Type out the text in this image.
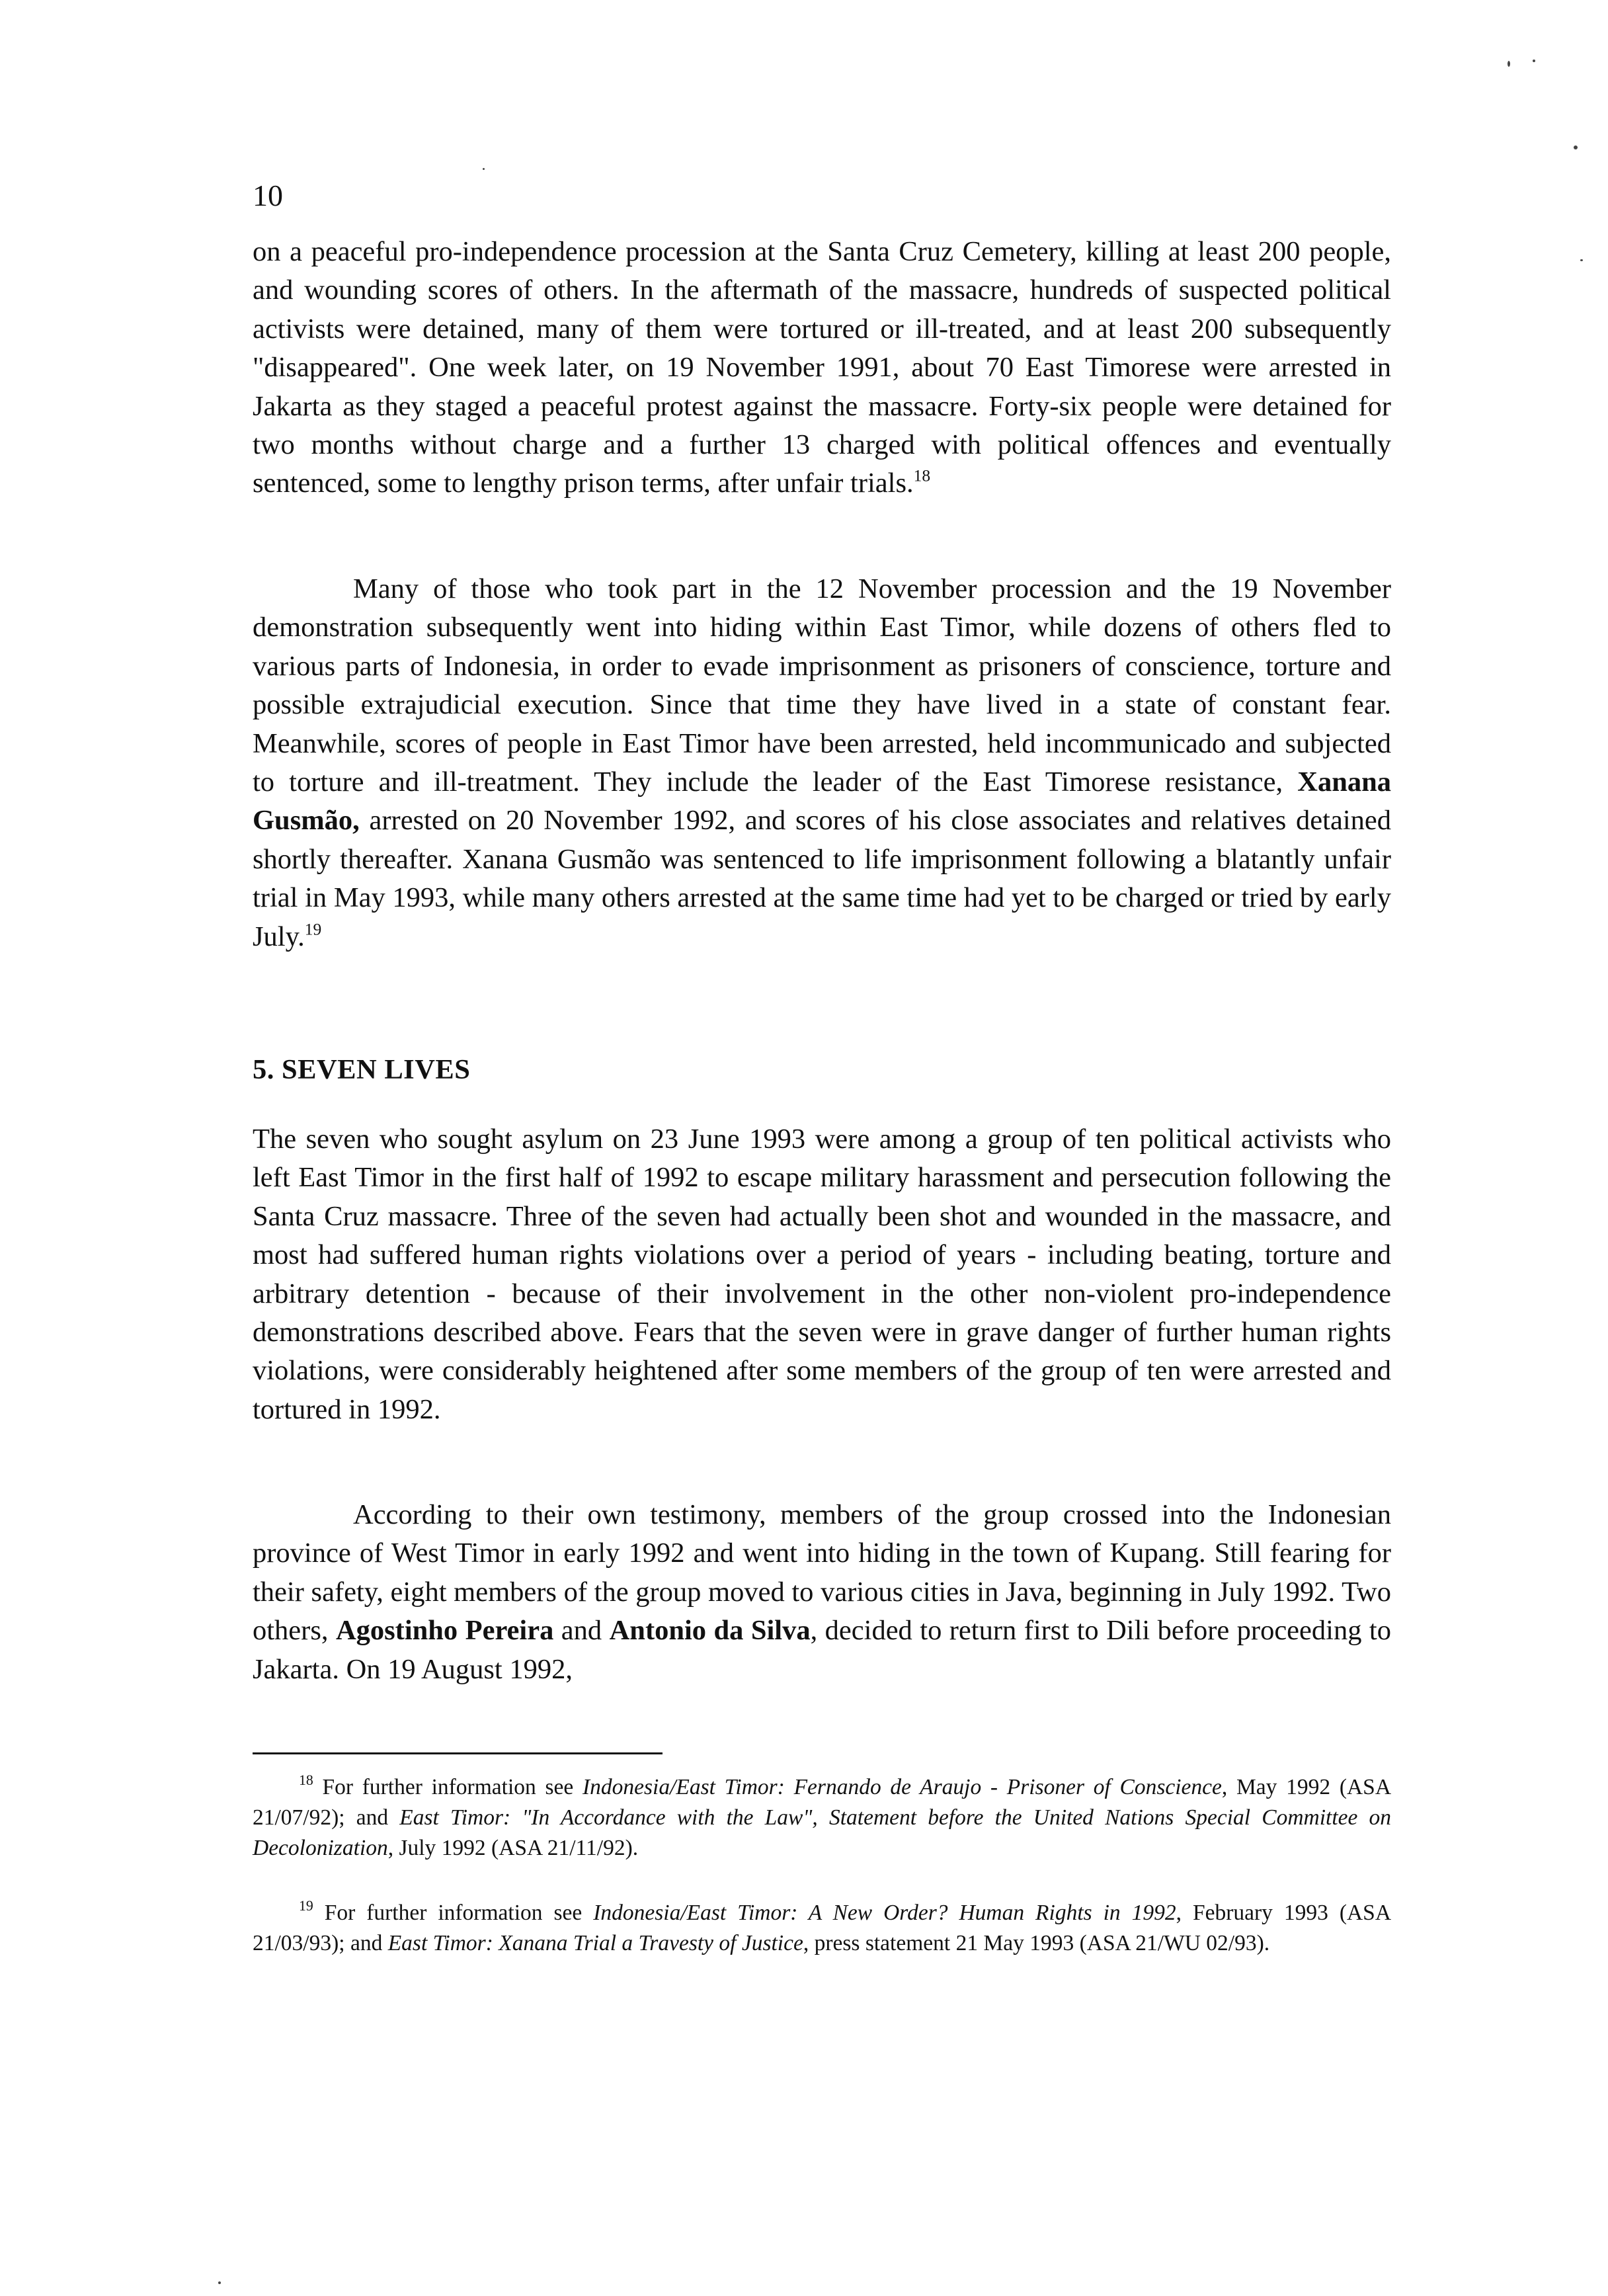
10

on a peaceful pro-independence procession at the Santa Cruz Cemetery, killing at least 200 people, and wounding scores of others. In the aftermath of the massacre, hundreds of suspected political activists were detained, many of them were tortured or ill-treated, and at least 200 subsequently "disappeared". One week later, on 19 November 1991, about 70 East Timorese were arrested in Jakarta as they staged a peaceful protest against the massacre. Forty-six people were detained for two months without charge and a further 13 charged with political offences and eventually sentenced, some to lengthy prison terms, after unfair trials.$^{18}$

Many of those who took part in the 12 November procession and the 19 November demonstration subsequently went into hiding within East Timor, while dozens of others fled to various parts of Indonesia, in order to evade imprisonment as prisoners of conscience, torture and possible extrajudicial execution. Since that time they have lived in a state of constant fear. Meanwhile, scores of people in East Timor have been arrested, held incommunicado and subjected to torture and ill-treatment. They include the leader of the East Timorese resistance, Xanana Gusmão, arrested on 20 November 1992, and scores of his close associates and relatives detained shortly thereafter. Xanana Gusmão was sentenced to life imprisonment following a blatantly unfair trial in May 1993, while many others arrested at the same time had yet to be charged or tried by early July.$^{19}$

5. SEVEN LIVES

The seven who sought asylum on 23 June 1993 were among a group of ten political activists who left East Timor in the first half of 1992 to escape military harassment and persecution following the Santa Cruz massacre. Three of the seven had actually been shot and wounded in the massacre, and most had suffered human rights violations over a period of years - including beating, torture and arbitrary detention - because of their involvement in the other non-violent pro-independence demonstrations described above. Fears that the seven were in grave danger of further human rights violations, were considerably heightened after some members of the group of ten were arrested and tortured in 1992.

According to their own testimony, members of the group crossed into the Indonesian province of West Timor in early 1992 and went into hiding in the town of Kupang. Still fearing for their safety, eight members of the group moved to various cities in Java, beginning in July 1992. Two others, Agostinho Pereira and Antonio da Silva, decided to return first to Dili before proceeding to Jakarta. On 19 August 1992,

$^{18}$ For further information see Indonesia/East Timor: Fernando de Araujo - Prisoner of Conscience, May 1992 (ASA 21/07/92); and East Timor: "In Accordance with the Law", Statement before the United Nations Special Committee on Decolonization, July 1992 (ASA 21/11/92).

$^{19}$ For further information see Indonesia/East Timor: A New Order? Human Rights in 1992, February 1993 (ASA 21/03/93); and East Timor: Xanana Trial a Travesty of Justice, press statement 21 May 1993 (ASA 21/WU 02/93).
